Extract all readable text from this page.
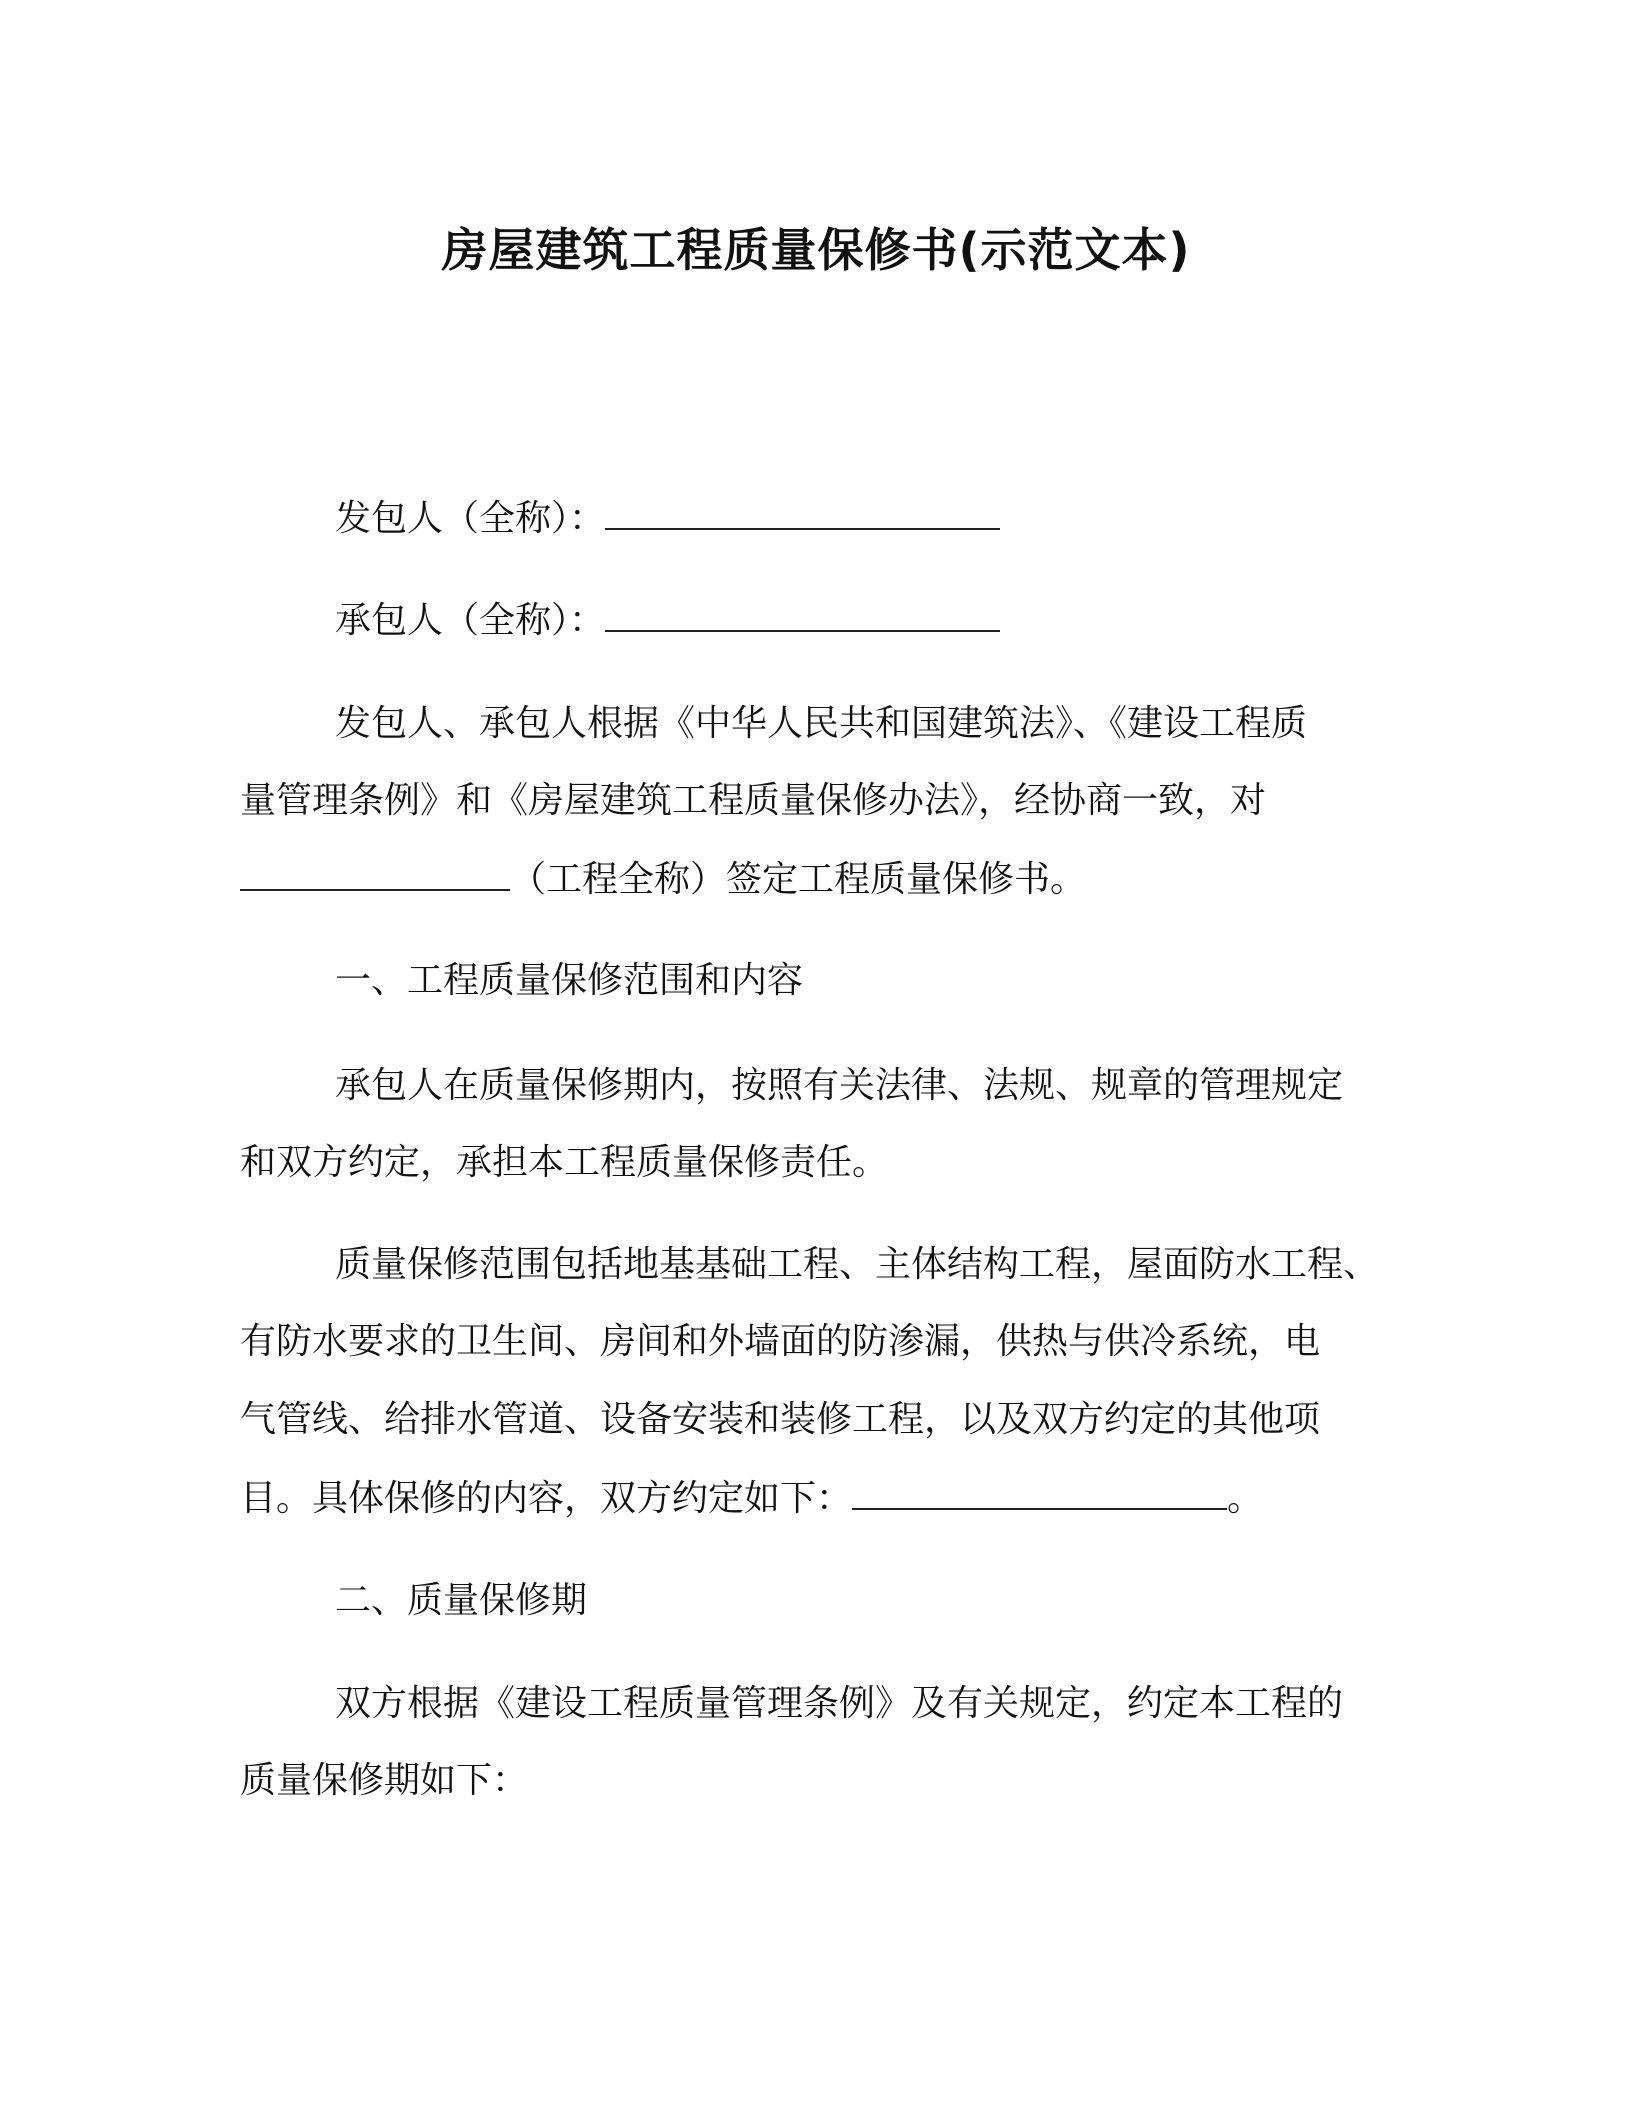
房屋建筑工程质量保修书(示范文本)
发包人（全称）：
承包人（全称）：
发包人、承包人根据《中华人民共和国建筑法》、《建设工程质
量管理条例》和《房屋建筑工程质量保修办法》，经协商一致，对
（工程全称）签定工程质量保修书。
一、工程质量保修范围和内容
承包人在质量保修期内，按照有关法律、法规、规章的管理规定
和双方约定，承担本工程质量保修责任。
质量保修范围包括地基基础工程、主体结构工程，屋面防水工程、
有防水要求的卫生间、房间和外墙面的防渗漏，供热与供冷系统，电
气管线、给排水管道、设备安装和装修工程，以及双方约定的其他项
目。具体保修的内容，双方约定如下：	。
二、质量保修期
双方根据《建设工程质量管理条例》及有关规定，约定本工程的
质量保修期如下：
